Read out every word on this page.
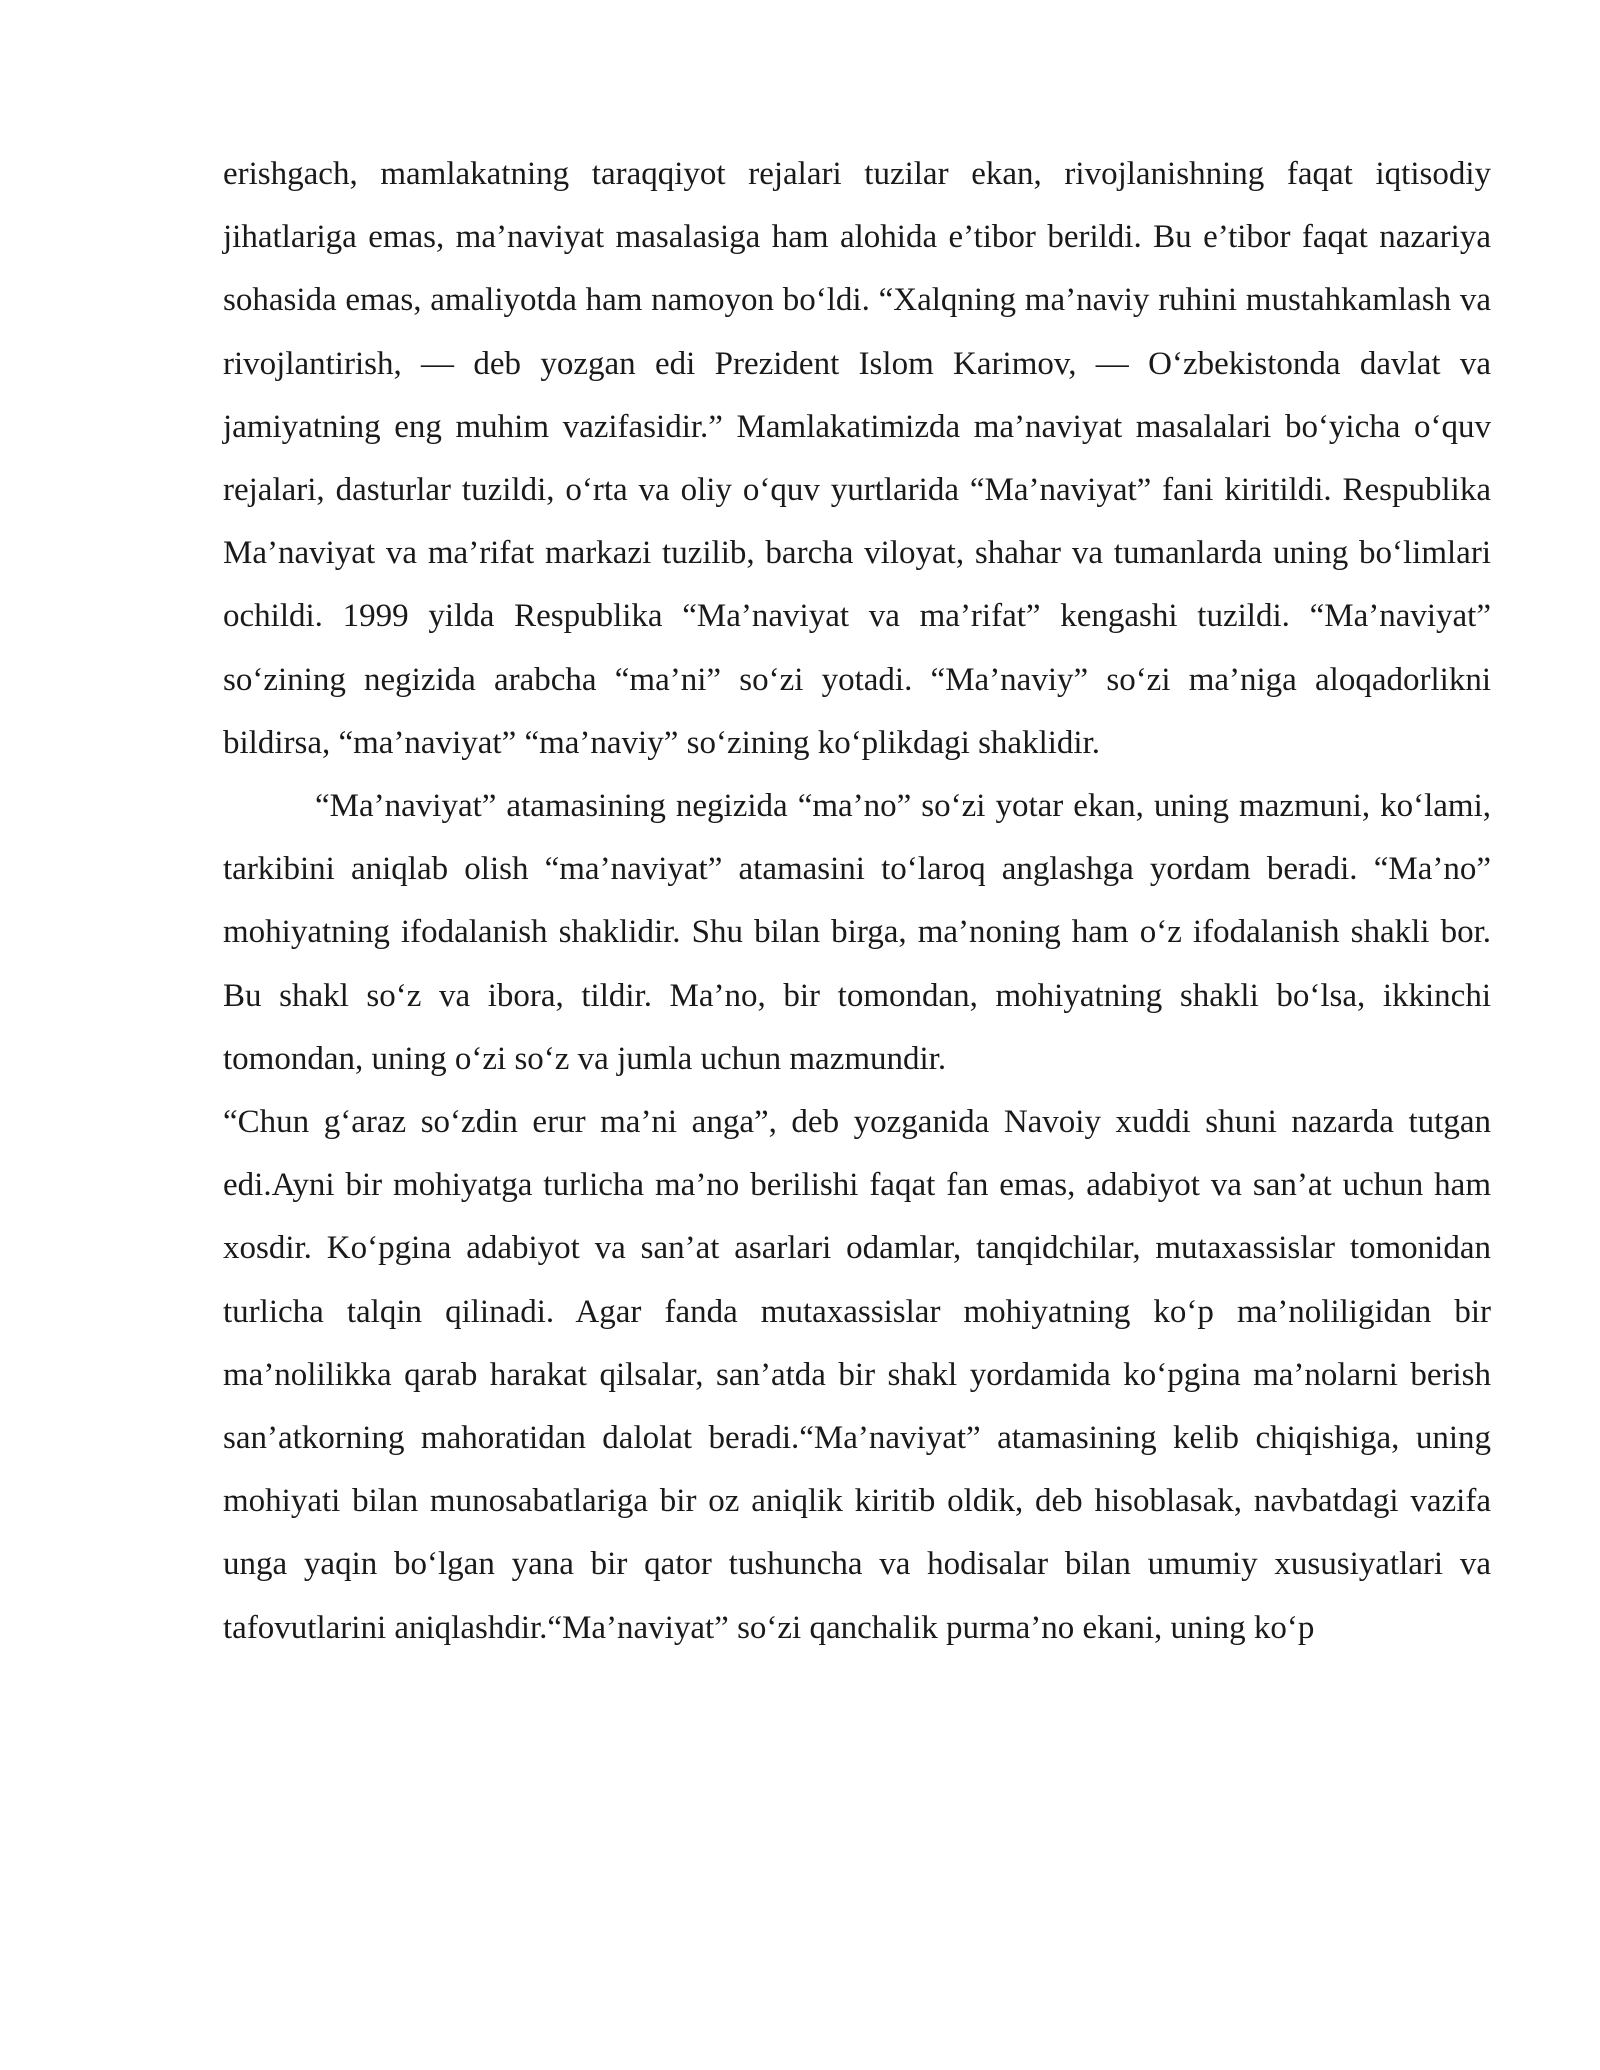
erishgach, mamlakatning taraqqiyot rejalari tuzilar ekan, rivojlanishning faqat iqtisodiy jihatlariga emas, ma’naviyat masalasiga ham alohida e’tibor berildi. Bu e’tibor faqat nazariya sohasida emas, amaliyotda ham namoyon bo‘ldi. “Xalqning ma’naviy ruhini mustahkamlash va rivojlantirish, — deb yozgan edi Prezident Islom Karimov, — O‘zbekistonda davlat va jamiyatning eng muhim vazifasidir.” Mamlakatimizda ma’naviyat masalalari bo‘yicha o‘quv rejalari, dasturlar tuzildi, o‘rta va oliy o‘quv yurtlarida “Ma’naviyat” fani kiritildi. Respublika Ma’naviyat va ma’rifat markazi tuzilib, barcha viloyat, shahar va tumanlarda uning bo‘limlari ochildi. 1999 yilda Respublika “Ma’naviyat va ma’rifat” kengashi tuzildi. “Ma’naviyat” so‘zining negizida arabcha “ma’ni” so‘zi yotadi. “Ma’naviy” so‘zi ma’niga aloqadorlikni bildirsa, “ma’naviyat” “ma’naviy” so‘zining ko‘plikdagi shaklidir.

“Ma’naviyat” atamasining negizida “ma’no” so‘zi yotar ekan, uning mazmuni, ko‘lami, tarkibini aniqlab olish “ma’naviyat” atamasini to‘laroq anglashga yordam beradi. “Ma’no” mohiyatning ifodalanish shaklidir. Shu bilan birga, ma’noning ham o‘z ifodalanish shakli bor. Bu shakl so‘z va ibora, tildir. Ma’no, bir tomondan, mohiyatning shakli bo‘lsa, ikkinchi tomondan, uning o‘zi so‘z va jumla uchun mazmundir.

“Chun g‘araz so‘zdin erur ma’ni anga”, deb yozganida Navoiy xuddi shuni nazarda tutgan edi.Ayni bir mohiyatga turlicha ma’no berilishi faqat fan emas, adabiyot va san’at uchun ham xosdir. Ko‘pgina adabiyot va san’at asarlari odamlar, tanqidchilar, mutaxassislar tomonidan turlicha talqin qilinadi. Agar fanda mutaxassislar mohiyatning ko‘p ma’noliligidan bir ma’nolilikka qarab harakat qilsalar, san’atda bir shakl yordamida ko‘pgina ma’nolarni berish san’atkorning mahoratidan dalolat beradi.“Ma’naviyat” atamasining kelib chiqishiga, uning mohiyati bilan munosabatlariga bir oz aniqlik kiritib oldik, deb hisoblasak, navbatdagi vazifa unga yaqin bo‘lgan yana bir qator tushuncha va hodisalar bilan umumiy xususiyatlari va tafovutlarini aniqlashdir.“Ma’naviyat” so‘zi qanchalik purma’no ekani, uning ko‘p
